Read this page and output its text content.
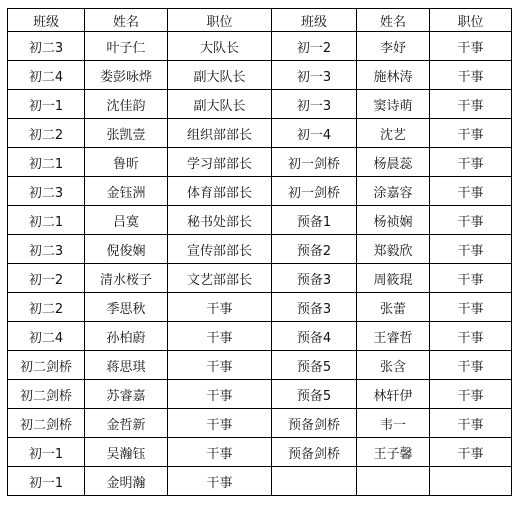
班级	姓名	职位	班级	姓名	职位
初二3	叶子仁	大队长	初一2	李妤	干事
初二4	娄彭咏烨	副大队长	初一3	施林涛	干事
初一1	沈佳韵	副大队长	初一3	窦诗萌	干事
初二2	张凯壹	组织部部长	初一4	沈艺	干事
初二1	鲁昕	学习部部长	初一剑桥	杨晨蕊	干事
初二3	金钰洲	体育部部长	初一剑桥	涂嘉容	干事
初二1	吕寞	秘书处部长	预备1	杨祯娴	干事
初二3	倪俊娴	宣传部部长	预备2	郑毅欣	干事
初一2	清水桜子	文艺部部长	预备3	周筱琨	干事
初二2	季思秋	干事	预备3	张蕾	干事
初二4	孙柏蔚	干事	预备4	王睿哲	干事
初二剑桥	蒋思琪	干事	预备5	张含	干事
初二剑桥	苏睿嘉	干事	预备5	林轩伊	干事
初二剑桥	金哲新	干事	预备剑桥	韦一	干事
初一1	吴瀚钰	干事	预备剑桥	王子馨	干事
初一1	金明瀚	干事			
